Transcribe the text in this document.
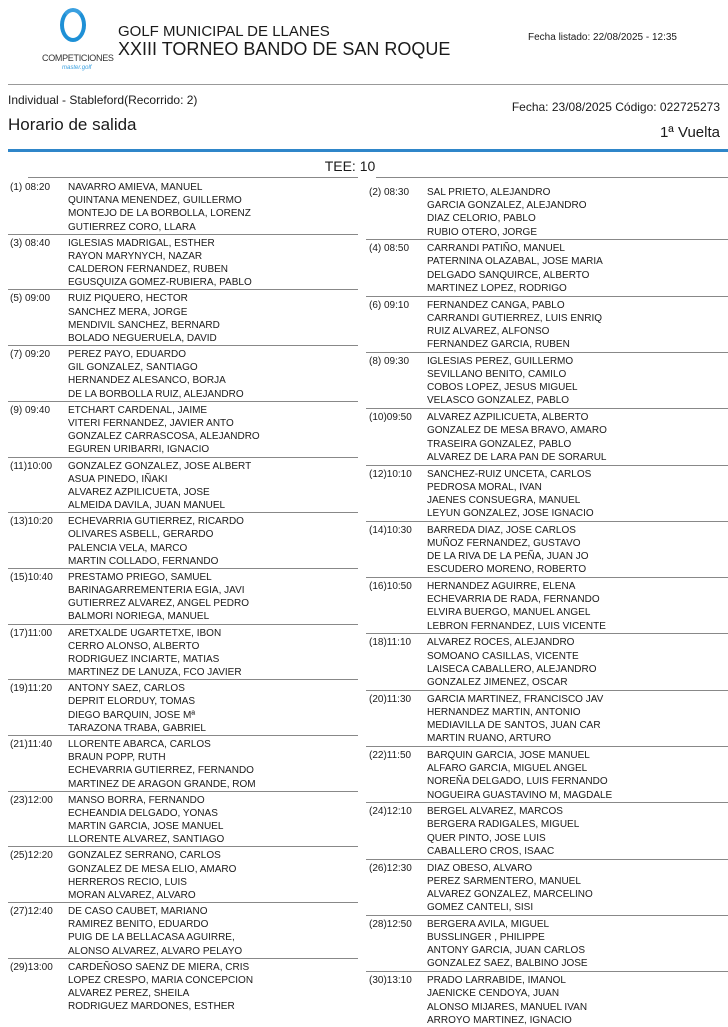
COMPETICIONES
master.golf
GOLF MUNICIPAL DE LLANES
XXIII TORNEO BANDO DE SAN ROQUE
Fecha listado: 22/08/2025 - 12:35
Individual - Stableford(Recorrido: 2)
Horario de salida
Fecha: 23/08/2025 Código: 022725273
1ª Vuelta
TEE: 10
(1) 08:20	NAVARRO AMIEVA, MANUEL
QUINTANA MENENDEZ, GUILLERMO
MONTEJO DE LA BORBOLLA, LORENZ
GUTIERREZ CORO, LLARA
(3) 08:40	IGLESIAS MADRIGAL, ESTHER
RAYON MARYNYCH, NAZAR
CALDERON FERNANDEZ, RUBEN
EGUSQUIZA GOMEZ-RUBIERA, PABLO
(5) 09:00	RUIZ PIQUERO, HECTOR
SANCHEZ MERA, JORGE
MENDIVIL SANCHEZ, BERNARD
BOLADO NEGUERUELA, DAVID
(7) 09:20	PEREZ PAYO, EDUARDO
GIL GONZALEZ, SANTIAGO
HERNANDEZ ALESANCO, BORJA
DE LA BORBOLLA RUIZ, ALEJANDRO
(9) 09:40	ETCHART CARDENAL, JAIME
VITERI FERNANDEZ, JAVIER ANTO
GONZALEZ CARRASCOSA, ALEJANDRO
EGUREN URIBARRI, IGNACIO
(11)10:00	GONZALEZ GONZALEZ, JOSE ALBERT
ASUA PINEDO, IÑAKI
ALVAREZ AZPILICUETA, JOSE
ALMEIDA DAVILA, JUAN MANUEL
(13)10:20	ECHEVARRIA GUTIERREZ, RICARDO
OLIVARES ASBELL, GERARDO
PALENCIA VELA, MARCO
MARTIN COLLADO, FERNANDO
(15)10:40	PRESTAMO PRIEGO, SAMUEL
BARINAGARREMENTERIA EGIA, JAVI
GUTIERREZ ALVAREZ, ANGEL PEDRO
BALMORI NORIEGA, MANUEL
(17)11:00	ARETXALDE UGARTETXE, IBON
CERRO ALONSO, ALBERTO
RODRIGUEZ INCIARTE, MATIAS
MARTINEZ DE LANUZA, FCO JAVIER
(19)11:20	ANTONY SAEZ, CARLOS
DEPRIT ELORDUY, TOMAS
DIEGO BARQUIN, JOSE Mª
TARAZONA TRABA, GABRIEL
(21)11:40	LLORENTE ABARCA, CARLOS
BRAUN POPP, RUTH
ECHEVARRIA GUTIERREZ, FERNANDO
MARTINEZ DE ARAGON GRANDE, ROM
(23)12:00	MANSO BORRA, FERNANDO
ECHEANDIA DELGADO, YONAS
MARTIN GARCIA, JOSE MANUEL
LLORENTE ALVAREZ, SANTIAGO
(25)12:20	GONZALEZ SERRANO, CARLOS
GONZALEZ DE MESA ELIO, AMARO
HERREROS RECIO, LUIS
MORAN ALVAREZ, ALVARO
(27)12:40	DE CASO CAUBET, MARIANO
RAMIREZ BENITO, EDUARDO
PUIG DE LA BELLACASA AGUIRRE,
ALONSO ALVAREZ, ALVARO PELAYO
(29)13:00	CARDEÑOSO SAENZ DE MIERA, CRIS
LOPEZ CRESPO, MARIA CONCEPCION
ALVAREZ PEREZ, SHEILA
RODRIGUEZ MARDONES, ESTHER
(2) 08:30	SAL PRIETO, ALEJANDRO
GARCIA GONZALEZ, ALEJANDRO
DIAZ CELORIO, PABLO
RUBIO OTERO, JORGE
(4) 08:50	CARRANDI PATIÑO, MANUEL
PATERNINA OLAZABAL, JOSE MARIA
DELGADO SANQUIRCE, ALBERTO
MARTINEZ LOPEZ, RODRIGO
(6) 09:10	FERNANDEZ CANGA, PABLO
CARRANDI GUTIERREZ, LUIS ENRIQ
RUIZ ALVAREZ, ALFONSO
FERNANDEZ GARCIA, RUBEN
(8) 09:30	IGLESIAS PEREZ, GUILLERMO
SEVILLANO BENITO, CAMILO
COBOS LOPEZ, JESUS MIGUEL
VELASCO GONZALEZ, PABLO
(10)09:50	ALVAREZ AZPILICUETA, ALBERTO
GONZALEZ DE MESA BRAVO, AMARO
TRASEIRA GONZALEZ, PABLO
ALVAREZ DE LARA PAN DE SORARUL
(12)10:10	SANCHEZ-RUIZ UNCETA, CARLOS
PEDROSA MORAL, IVAN
JAENES CONSUEGRA, MANUEL
LEYUN GONZALEZ, JOSE IGNACIO
(14)10:30	BARREDA DIAZ, JOSE CARLOS
MUÑOZ FERNANDEZ, GUSTAVO
DE LA RIVA DE LA PEÑA, JUAN JO
ESCUDERO MORENO, ROBERTO
(16)10:50	HERNANDEZ AGUIRRE, ELENA
ECHEVARRIA DE RADA, FERNANDO
ELVIRA BUERGO, MANUEL ANGEL
LEBRON FERNANDEZ, LUIS VICENTE
(18)11:10	ALVAREZ ROCES, ALEJANDRO
SOMOANO CASILLAS, VICENTE
LAISECA CABALLERO, ALEJANDRO
GONZALEZ JIMENEZ, OSCAR
(20)11:30	GARCIA MARTINEZ, FRANCISCO JAV
HERNANDEZ MARTIN, ANTONIO
MEDIAVILLA DE SANTOS, JUAN CAR
MARTIN RUANO, ARTURO
(22)11:50	BARQUIN GARCIA, JOSE MANUEL
ALFARO GARCIA, MIGUEL ANGEL
NOREÑA DELGADO, LUIS FERNANDO
NOGUEIRA GUASTAVINO M, MAGDALE
(24)12:10	BERGEL ALVAREZ, MARCOS
BERGERA RADIGALES, MIGUEL
QUER PINTO, JOSE LUIS
CABALLERO CROS, ISAAC
(26)12:30	DIAZ OBESO, ALVARO
PEREZ SARMENTERO, MANUEL
ALVAREZ GONZALEZ, MARCELINO
GOMEZ CANTELI, SISI
(28)12:50	BERGERA AVILA, MIGUEL
BUSSLINGER , PHILIPPE
ANTONY GARCIA, JUAN CARLOS
GONZALEZ SAEZ, BALBINO JOSE
(30)13:10	PRADO LARRABIDE, IMANOL
JAENICKE CENDOYA, JUAN
ALONSO MIJARES, MANUEL IVAN
ARROYO MARTINEZ, IGNACIO
